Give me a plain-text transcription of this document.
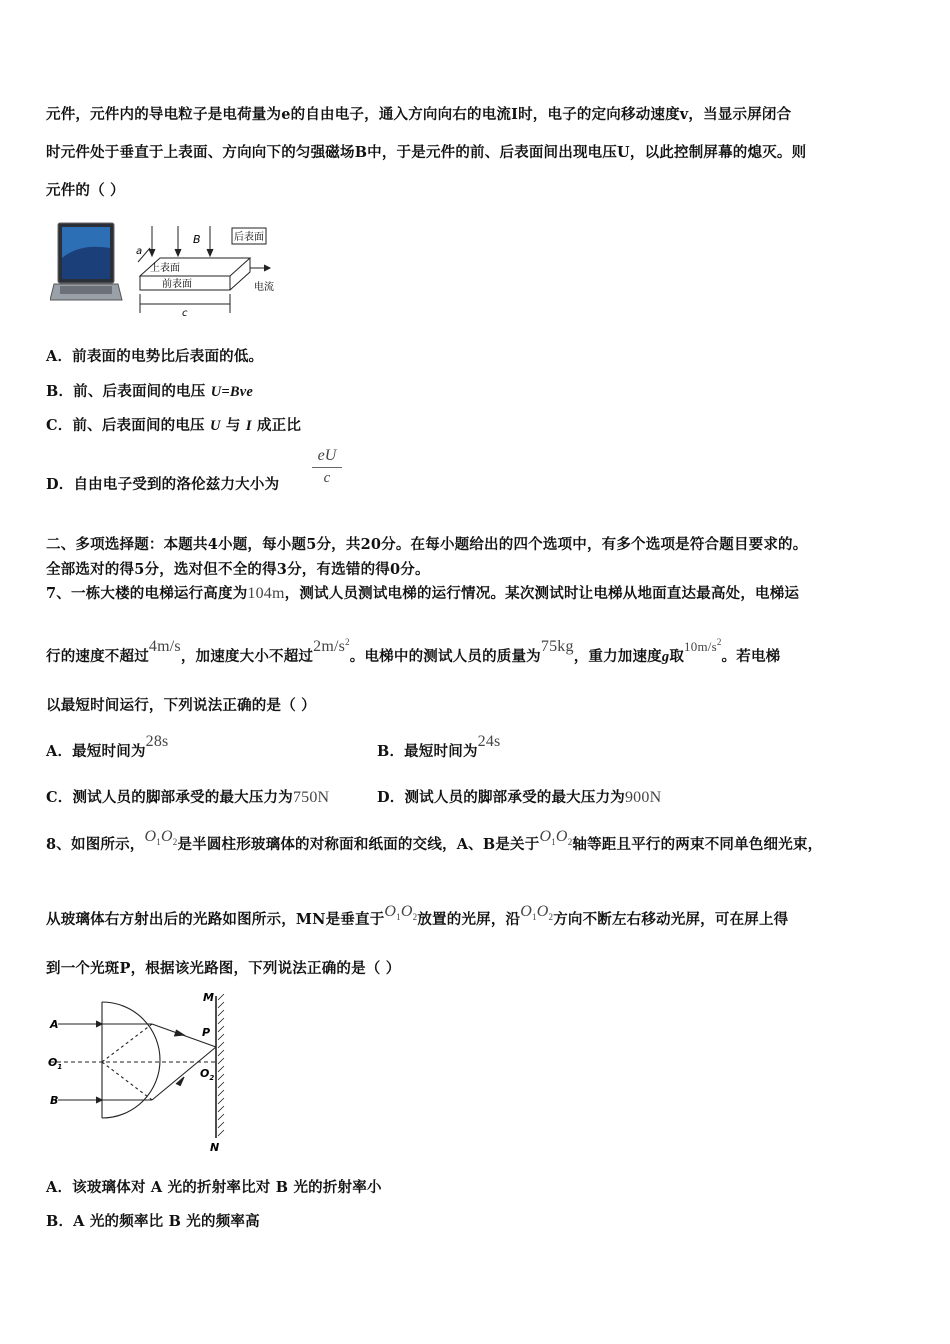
元件，元件内的导电粒子是电荷量为e的自由电子，通入方向向右的电流I时，电子的定向移动速度v，当显示屏闭合
时元件处于垂直于上表面、方向向下的匀强磁场B中，于是元件的前、后表面间出现电压U，以此控制屏幕的熄灭。则
元件的（ ）
B	后表面
上表面
前表面	电流
c
a
A．前表面的电势比后表面的低。
B．前、后表面间的电压 U=Bve
C．前、后表面间的电压 U 与 I 成正比
D．自由电子受到的洛伦兹力大小为
eU
c
二、多项选择题：本题共4小题，每小题5分，共20分。在每小题给出的四个选项中，有多个选项是符合题目要求的。
全部选对的得5分，选对但不全的得3分，有选错的得0分。
7、一栋大楼的电梯运行高度为104m，测试人员测试电梯的运行情况。某次测试时让电梯从地面直达最高处，电梯运
行的速度不超过4m/s，加速度大小不超过$2m/s^2$。电梯中的测试人员的质量为75kg，重力加速度g取$10m/s^2$。若电梯
以最短时间运行，下列说法正确的是（ ）
A．最短时间为28s
B．最短时间为24s
C．测试人员的脚部承受的最大压力为750N	D．测试人员的脚部承受的最大压力为900N
8、如图所示，$O_1O_2$是半圆柱形玻璃体的对称面和纸面的交线，A、B是关于$O_1O_2$轴等距且平行的两束不同单色细光束，
从玻璃体右方射出后的光路如图所示，MN是垂直于$O_1O_2$放置的光屏，沿$O_1O_2$方向不断左右移动光屏，可在屏上得
到一个光斑P，根据该光路图，下列说法正确的是（ ）
M
N
P
A
B
$O_1$	$O_2$
A．该玻璃体对 A 光的折射率比对 B 光的折射率小
B．A 光的频率比 B 光的频率高
